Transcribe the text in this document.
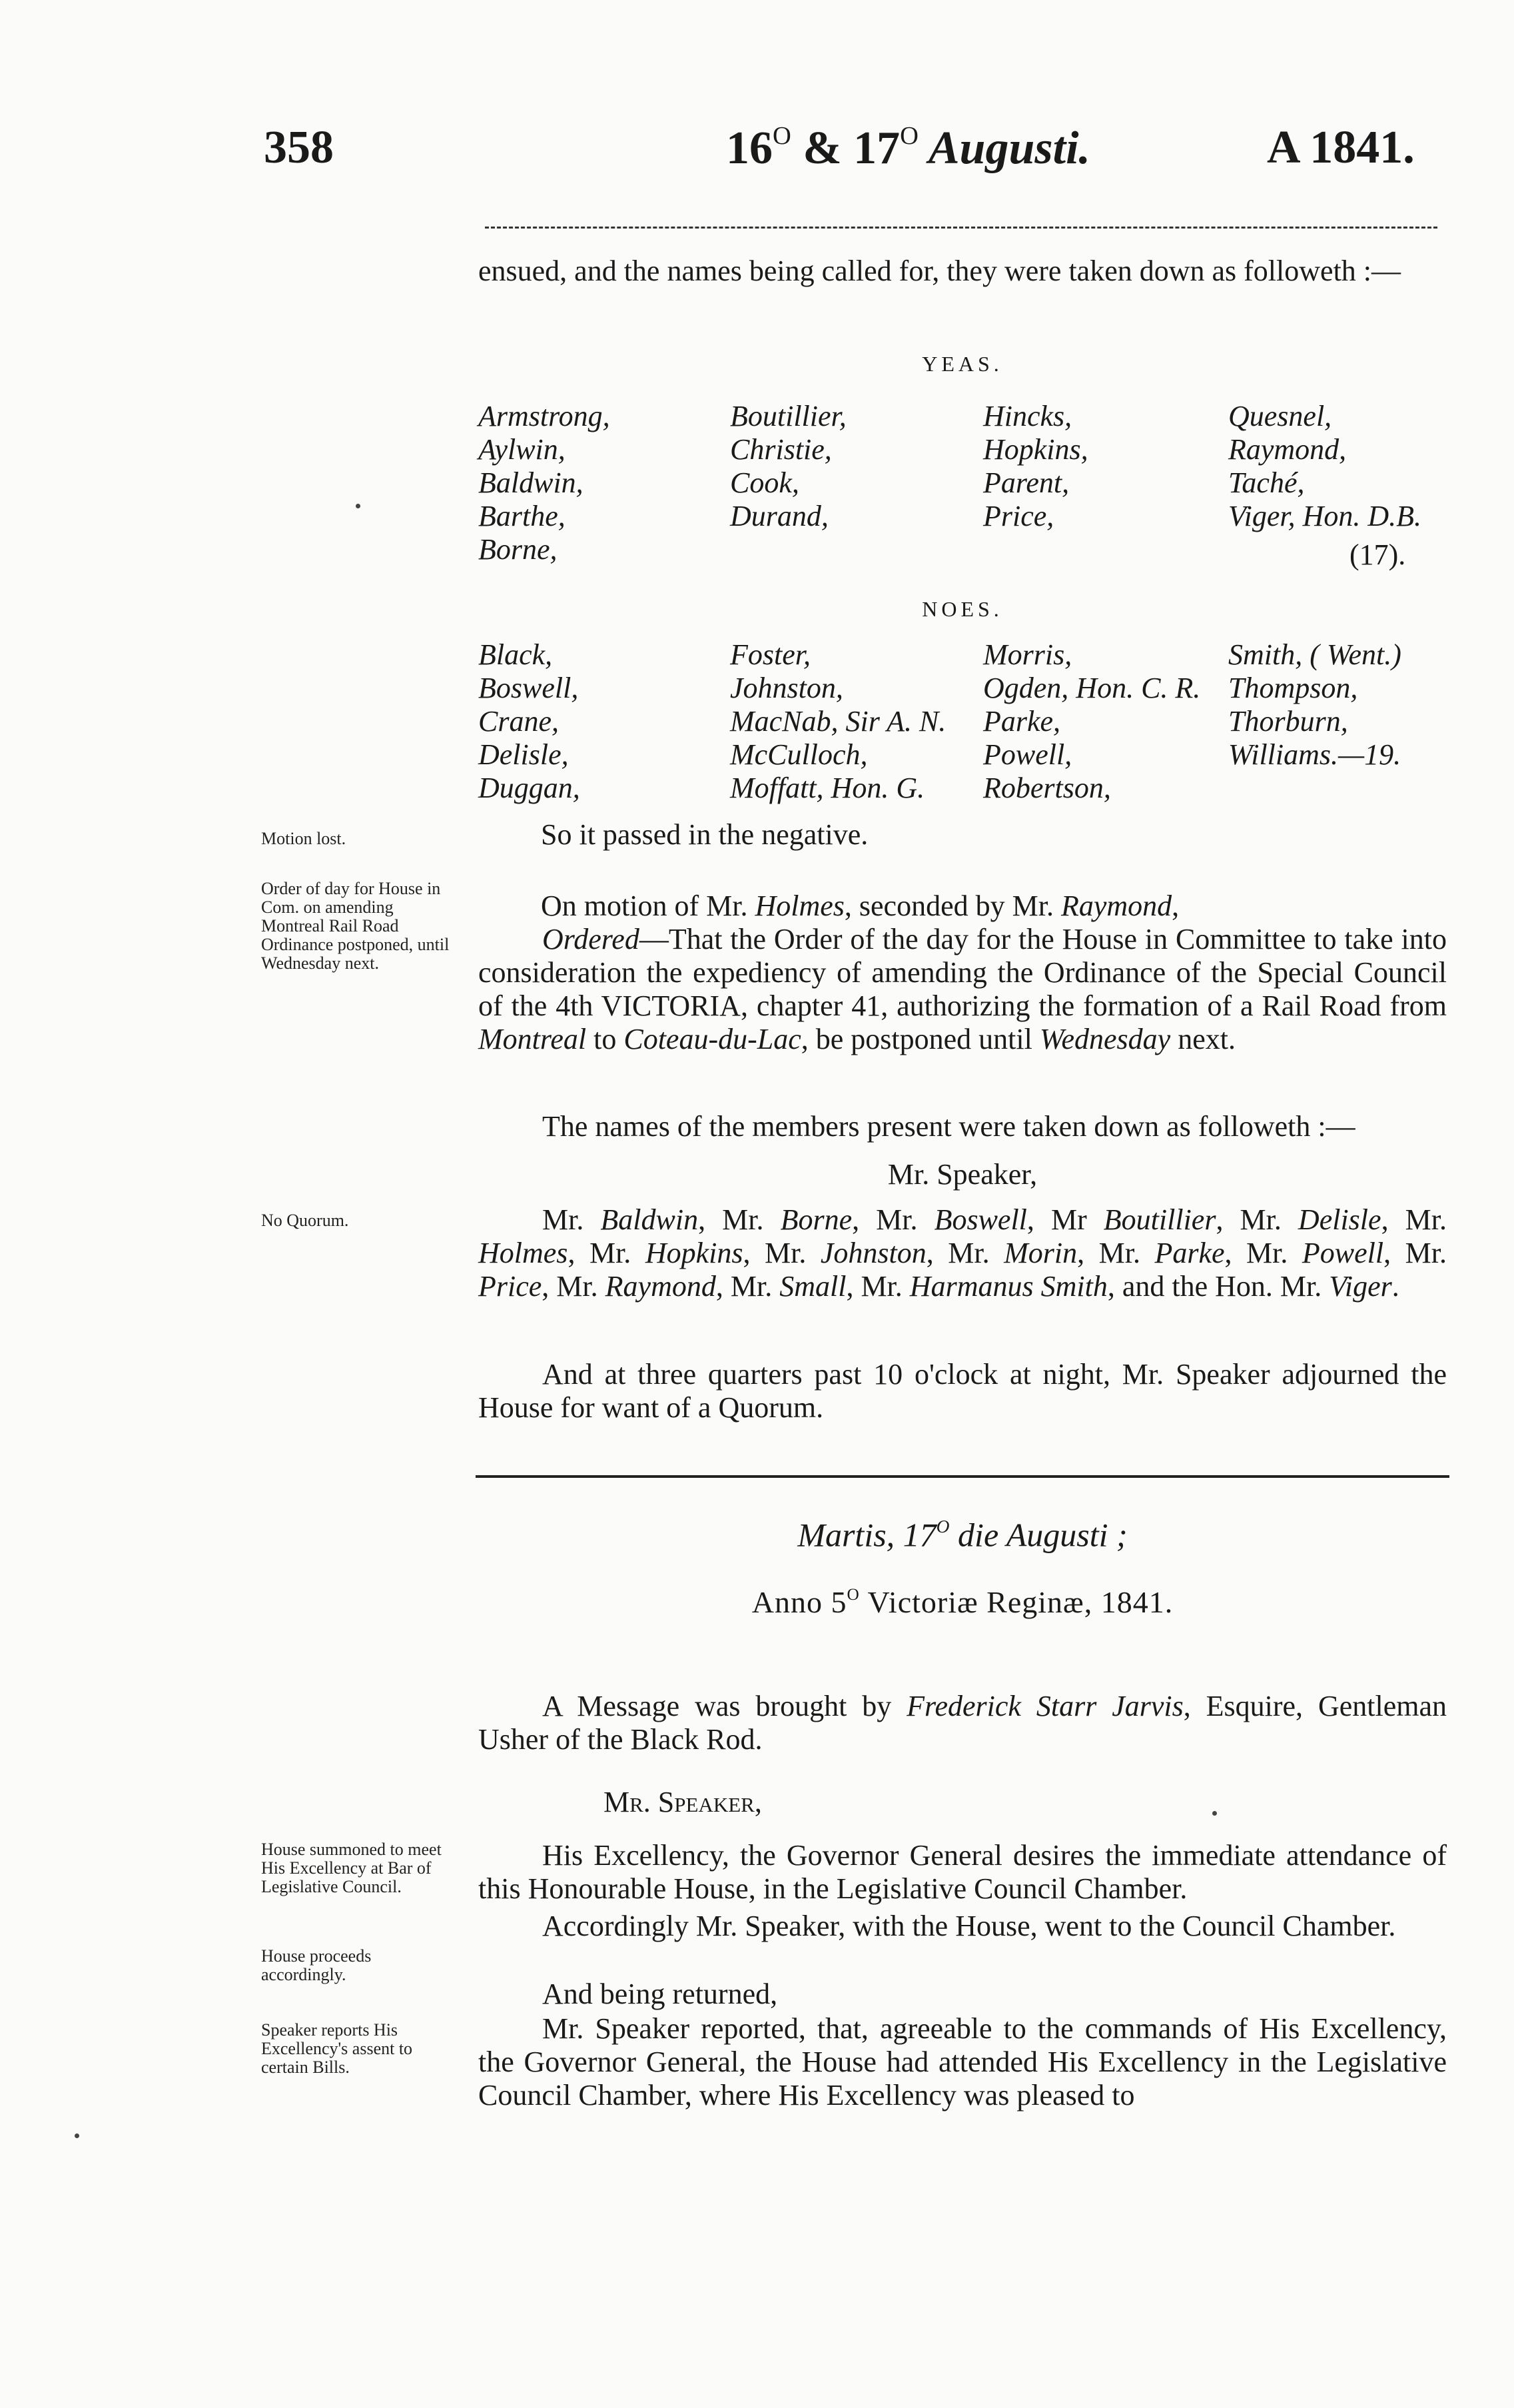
358	$16^O$ & $17^O$ Augusti.	A 1841.
ensued, and the names being called for, they were taken down as followeth :—
YEAS.
Armstrong,
Aylwin,
Baldwin,
Barthe,
Borne,
Boutillier,
Christie,
Cook,
Durand,
Hincks,
Hopkins,
Parent,
Price,
Quesnel,
Raymond,
Taché,
Viger, Hon. D.B.
(17).
NOES.
Black,
Boswell,
Crane,
Delisle,
Duggan,
Foster,
Johnston,
MacNab, Sir A. N.
McCulloch,
Moffatt, Hon. G.
Morris,
Ogden, Hon. C. R.
Parke,
Powell,
Robertson,
Smith, ( Went.)
Thompson,
Thorburn,
Williams.—19.
So it passed in the negative.
Motion lost.
Order of day for House in Com. on amending Montreal Rail Road Ordinance postponed, until Wednesday next.
No Quorum.
House summoned to meet His Excellency at Bar of Legislative Council.
House proceeds accordingly.
Speaker reports His Excellency's assent to certain Bills.
On motion of Mr. Holmes, seconded by Mr. Raymond,
Ordered—That the Order of the day for the House in Committee to take into consideration the expediency of amending the Ordinance of the Special Council of the 4th VICTORIA, chapter 41, authorizing the formation of a Rail Road from Montreal to Coteau-du-Lac, be postponed until Wednesday next.
The names of the members present were taken down as followeth :—
Mr. Speaker,
Mr. Baldwin, Mr. Borne, Mr. Boswell, Mr Boutillier, Mr. Delisle, Mr. Holmes, Mr. Hopkins, Mr. Johnston, Mr. Morin, Mr. Parke, Mr. Powell, Mr. Price, Mr. Raymond, Mr. Small, Mr. Harmanus Smith, and the Hon. Mr. Viger.
And at three quarters past 10 o'clock at night, Mr. Speaker adjourned the House for want of a Quorum.
Martis, $17^O$ die Augusti ;
Anno $5^O$ Victoriæ Reginæ, 1841.
A Message was brought by Frederick Starr Jarvis, Esquire, Gentleman Usher of the Black Rod.
Mr. Speaker,
His Excellency, the Governor General desires the immediate attendance of this Honourable House, in the Legislative Council Chamber.
Accordingly Mr. Speaker, with the House, went to the Council Chamber.
And being returned,
Mr. Speaker reported, that, agreeable to the commands of His Excellency, the Governor General, the House had attended His Excellency in the Legislative Council Chamber, where His Excellency was pleased to
